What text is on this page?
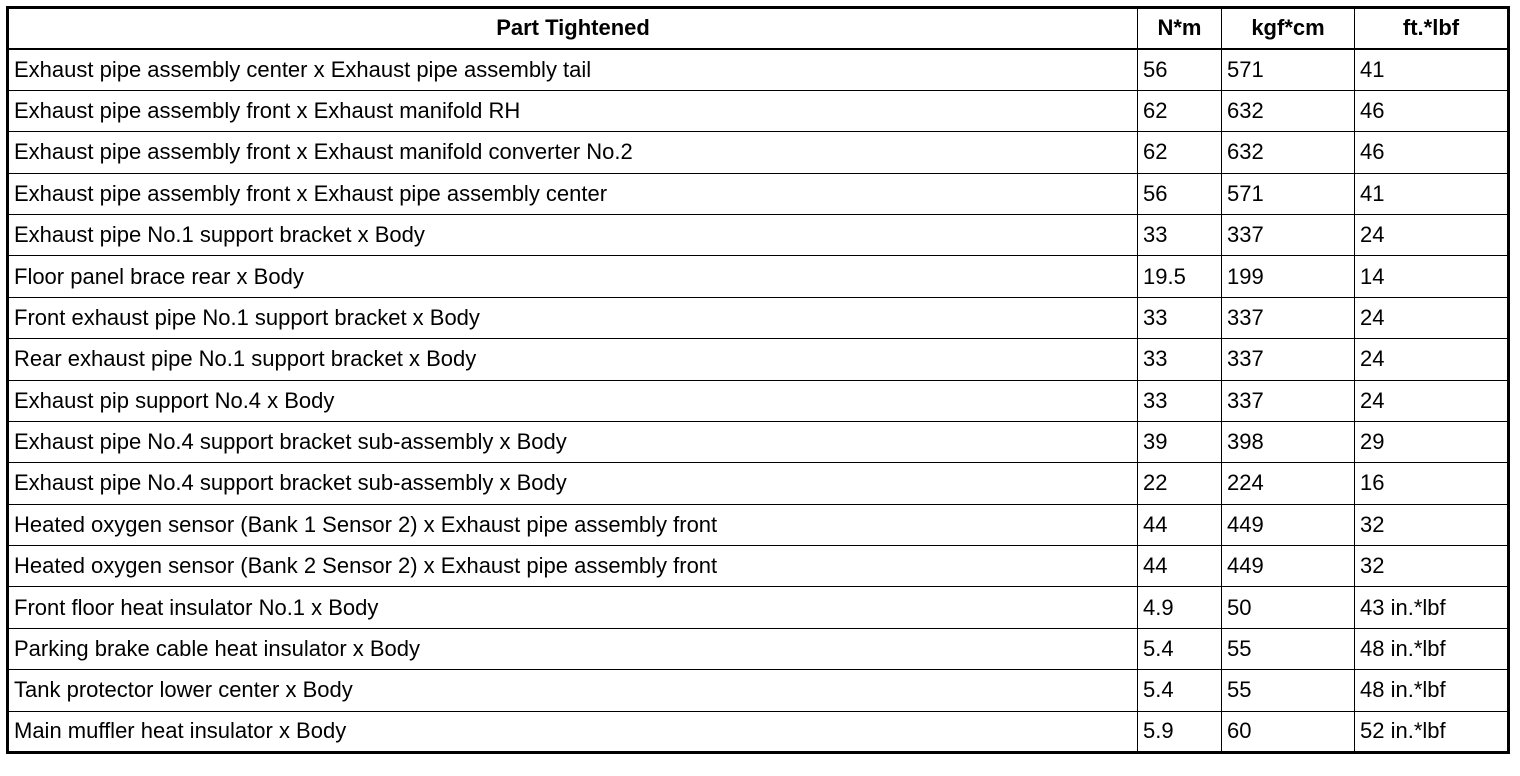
Part Tightened	N*m	kgf*cm	ft.*lbf
Exhaust pipe assembly center x Exhaust pipe assembly tail	56	571	41
Exhaust pipe assembly front x Exhaust manifold RH	62	632	46
Exhaust pipe assembly front x Exhaust manifold converter No.2	62	632	46
Exhaust pipe assembly front x Exhaust pipe assembly center	56	571	41
Exhaust pipe No.1 support bracket x Body	33	337	24
Floor panel brace rear x Body	19.5	199	14
Front exhaust pipe No.1 support bracket x Body	33	337	24
Rear exhaust pipe No.1 support bracket x Body	33	337	24
Exhaust pip support No.4 x Body	33	337	24
Exhaust pipe No.4 support bracket sub-assembly x Body	39	398	29
Exhaust pipe No.4 support bracket sub-assembly x Body	22	224	16
Heated oxygen sensor (Bank 1 Sensor 2) x Exhaust pipe assembly front	44	449	32
Heated oxygen sensor (Bank 2 Sensor 2) x Exhaust pipe assembly front	44	449	32
Front floor heat insulator No.1 x Body	4.9	50	43 in.*lbf
Parking brake cable heat insulator x Body	5.4	55	48 in.*lbf
Tank protector lower center x Body	5.4	55	48 in.*lbf
Main muffler heat insulator x Body	5.9	60	52 in.*lbf
